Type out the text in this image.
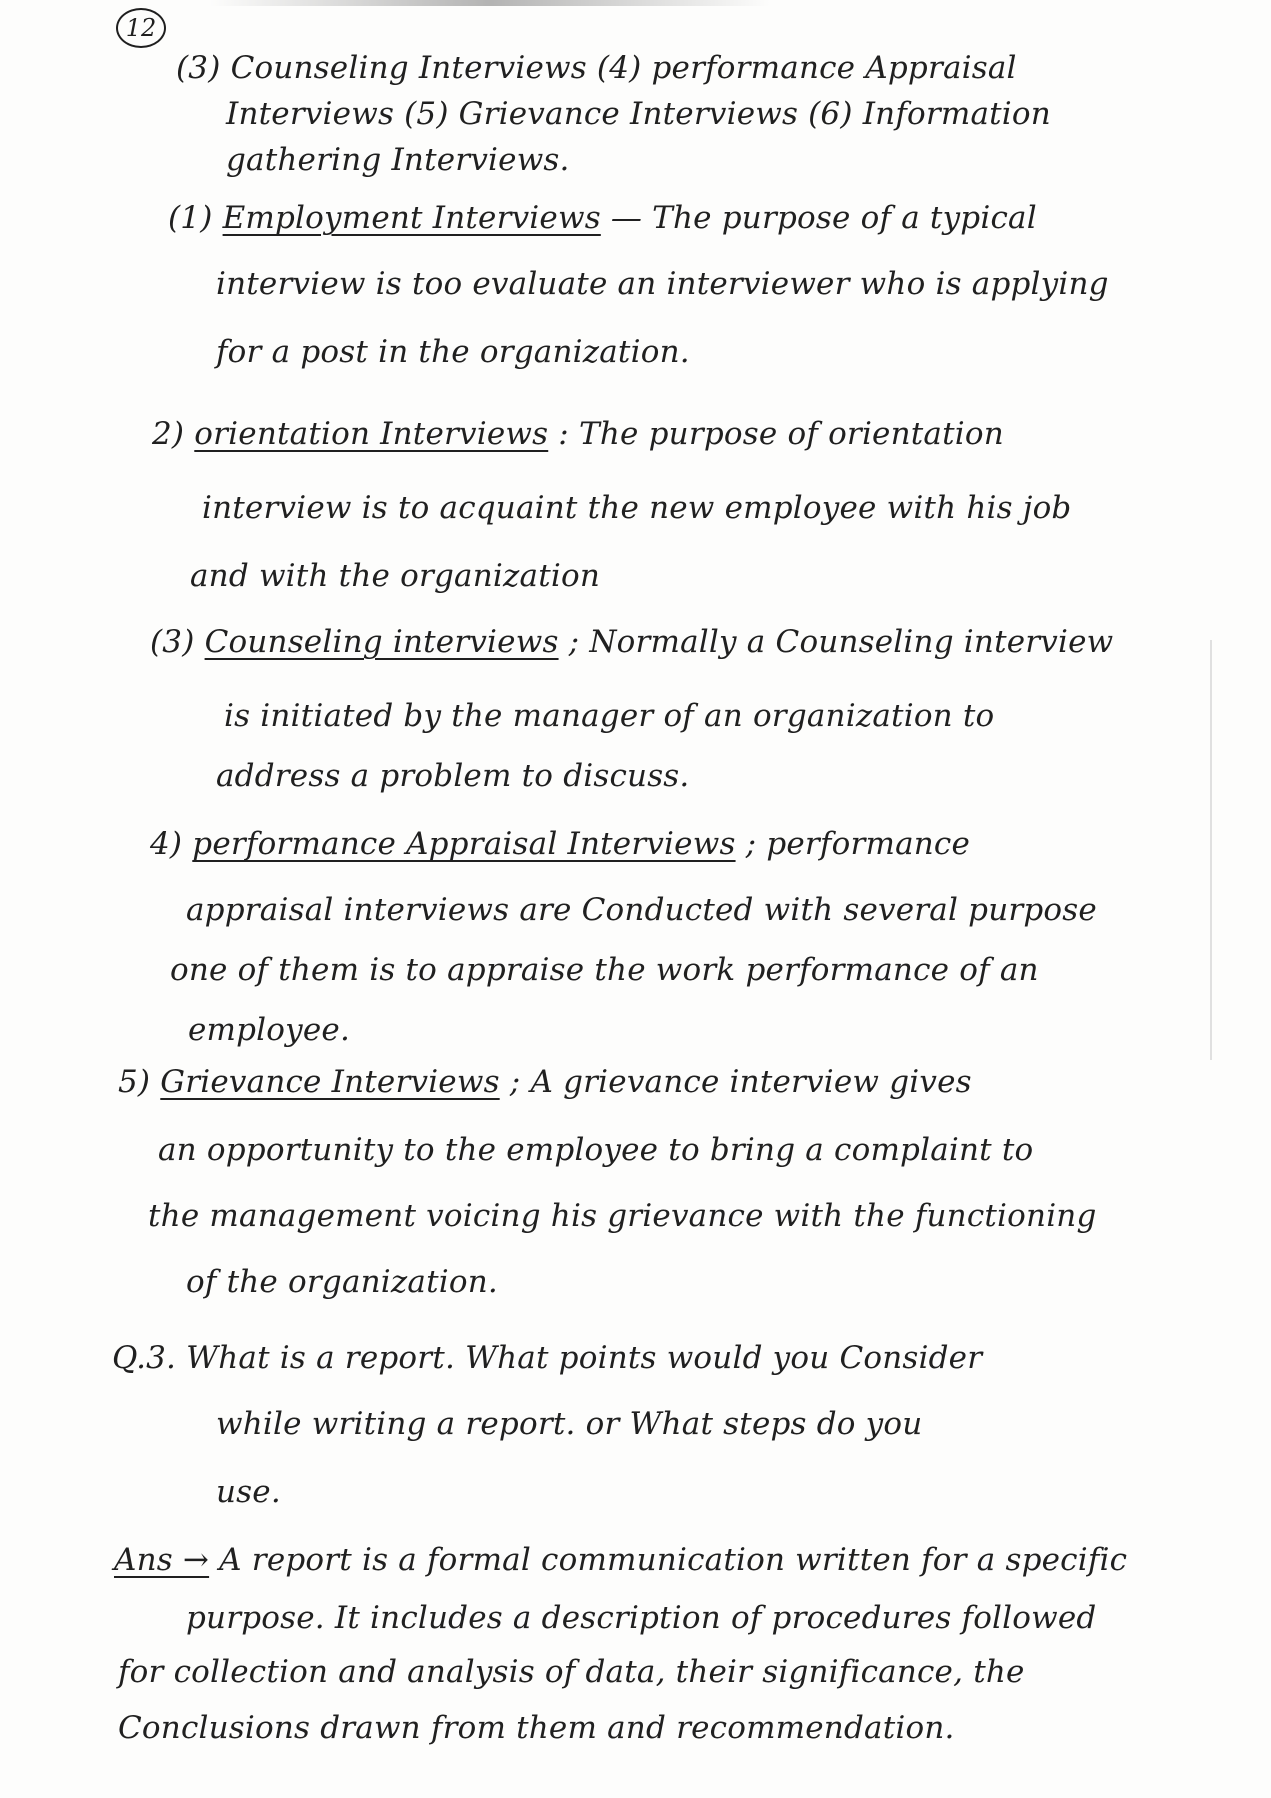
12
(3) Counseling Interviews (4) performance Appraisal
Interviews (5) Grievance Interviews (6) Information
gathering Interviews.
(1) Employment Interviews — The purpose of a typical
interview is too evaluate an interviewer who is applying
for a post in the organization.
2) orientation Interviews : The purpose of orientation
interview is to acquaint the new employee with his job
and with the organization
(3) Counseling interviews ; Normally a Counseling interview
is initiated by the manager of an organization to
address a problem to discuss.
4) performance Appraisal Interviews ; performance
appraisal interviews are Conducted with several purpose
one of them is to appraise the work performance of an
employee.
5) Grievance Interviews ; A grievance interview gives
an opportunity to the employee to bring a complaint to
the management voicing his grievance with the functioning
of the organization.
Q.3. What is a report. What points would you Consider
while writing a report. or What steps do you
use.
Ans → A report is a formal communication written for a specific
purpose. It includes a description of procedures followed
for collection and analysis of data, their significance, the
Conclusions drawn from them and recommendation.
